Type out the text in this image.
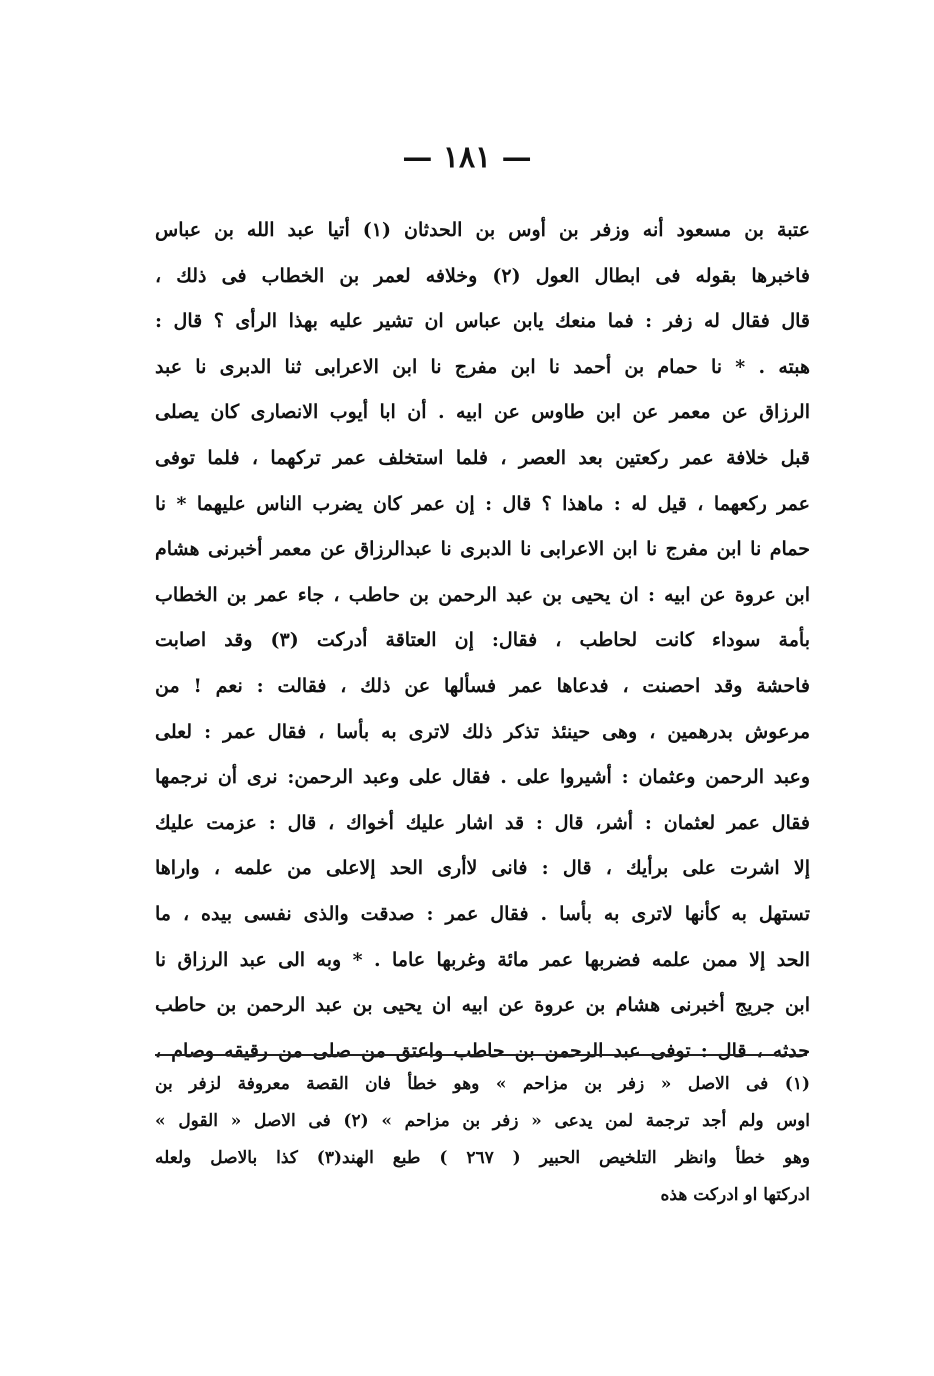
— ١٨١ —
عتبة بن مسعود أنه وزفر بن أوس بن الحدثان (١) أتيا عبد الله بن عباس
فاخبرها بقوله فى ابطال العول (٢) وخلافه لعمر بن الخطاب فى ذلك ،
قال فقال له زفر : فما منعك يابن عباس ان تشير عليه بهذا الرأى ؟ قال :
هبته . * نا حمام بن أحمد نا ابن مفرج نا ابن الاعرابى ثنا الدبرى نا عبد
الرزاق عن معمر عن ابن طاوس عن ابيه . أن ابا أيوب الانصارى كان يصلى
قبل خلافة عمر ركعتين بعد العصر ، فلما استخلف عمر تركهما ، فلما توفى
عمر ركعهما ، قيل له : ماهذا ؟ قال : إن عمر كان يضرب الناس عليهما * نا
حمام نا ابن مفرج نا ابن الاعرابى نا الدبرى نا عبدالرزاق عن معمر أخبرنى هشام
ابن عروة عن ابيه : ان يحيى بن عبد الرحمن بن حاطب ، جاء عمر بن الخطاب
بأمة سوداء كانت لحاطب ، فقال: إن العتاقة أدركت (٣) وقد اصابت
فاحشة وقد احصنت ، فدعاها عمر فسألها عن ذلك ، فقالت : نعم ! من
مرعوش بدرهمين ، وهى حينئذ تذكر ذلك لاترى به بأسا ، فقال عمر : لعلى
وعبد الرحمن وعثمان : أشيروا على . فقال على وعبد الرحمن: نرى أن نرجمها
فقال عمر لعثمان : أشر، قال : قد اشار عليك أخواك ، قال : عزمت عليك
إلا اشرت على برأيك ، قال : فانى لاأرى الحد إلاعلى من علمه ، واراها
تستهل به كأنها لاترى به بأسا . فقال عمر : صدقت والذى نفسى بيده ، ما
الحد إلا ممن علمه فضربها عمر مائة وغربها عاما . * وبه الى عبد الرزاق نا
ابن جريج أخبرنى هشام بن عروة عن ابيه ان يحيى بن عبد الرحمن بن حاطب
حدثه ، قال : توفى عبد الرحمن بن حاطب واعتق من صلى من رقيقه وصام ،
(١) فى الاصل « زفر بن مزاحم » وهو خطأ فان القصة معروفة لزفر بن
اوس ولم أجد ترجمة لمن يدعى « زفر بن مزاحم » (٢) فى الاصل « القول »
وهو خطأ وانظر التلخيص الحبير ( ٢٦٧ ) طبع الهند(٣) كذا بالاصل ولعله
ادركتها او ادركت هذه
